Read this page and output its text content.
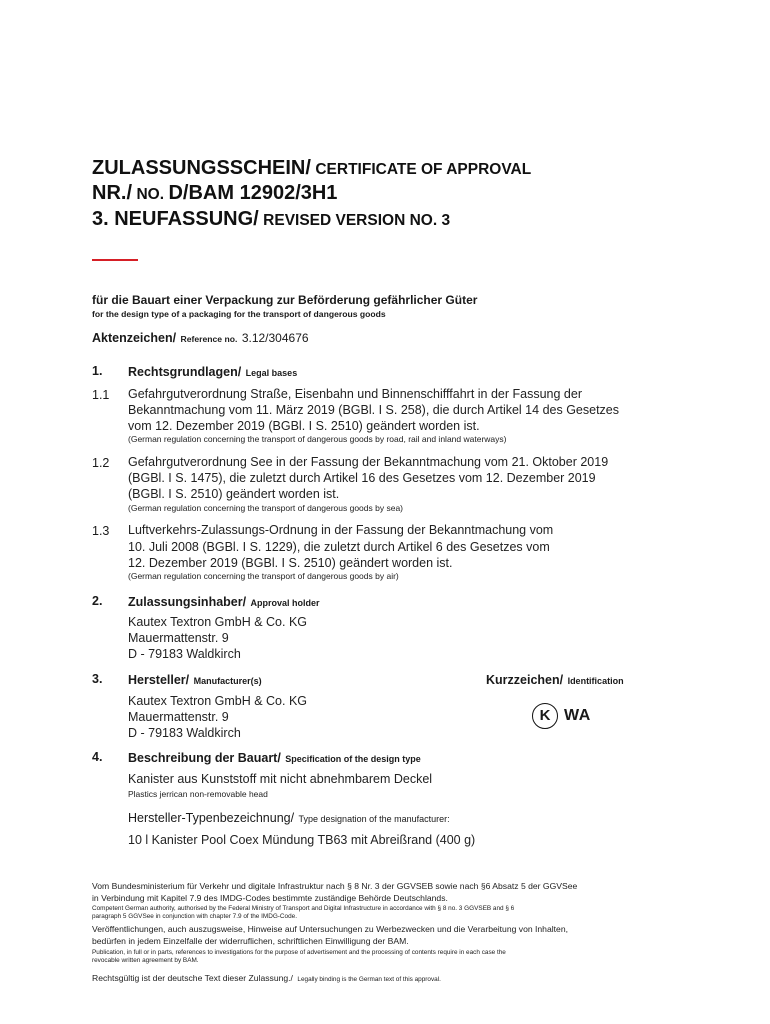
ZULASSUNGSSCHEIN/ CERTIFICATE OF APPROVAL
NR./ NO. D/BAM 12902/3H1
3. NEUFASSUNG/ REVISED VERSION NO. 3
für die Bauart einer Verpackung zur Beförderung gefährlicher Güter
for the design type of a packaging for the transport of dangerous goods
Aktenzeichen/ Reference no. 3.12/304676
1. Rechtsgrundlagen/ Legal bases
1.1 Gefahrgutverordnung Straße, Eisenbahn und Binnenschifffahrt in der Fassung der
Bekanntmachung vom 11. März 2019 (BGBl. I S. 258), die durch Artikel 14 des Gesetzes
vom 12. Dezember 2019 (BGBl. I S. 2510) geändert worden ist.
(German regulation concerning the transport of dangerous goods by road, rail and inland waterways)
1.2 Gefahrgutverordnung See in der Fassung der Bekanntmachung vom 21. Oktober 2019
(BGBl. I S. 1475), die zuletzt durch Artikel 16 des Gesetzes vom 12. Dezember 2019
(BGBl. I S. 2510) geändert worden ist.
(German regulation concerning the transport of dangerous goods by sea)
1.3 Luftverkehrs-Zulassungs-Ordnung in der Fassung der Bekanntmachung vom
10. Juli 2008 (BGBl. I S. 1229), die zuletzt durch Artikel 6 des Gesetzes vom
12. Dezember 2019 (BGBl. I S. 2510) geändert worden ist.
(German regulation concerning the transport of dangerous goods by air)
2. Zulassungsinhaber/ Approval holder
Kautex Textron GmbH & Co. KG
Mauermattenstr. 9
D - 79183 Waldkirch
3. Hersteller/ Manufacturer(s)	Kurzzeichen/ Identification
Kautex Textron GmbH & Co. KG
Mauermattenstr. 9
D - 79183 Waldkirch
K WA
4. Beschreibung der Bauart/ Specification of the design type
Kanister aus Kunststoff mit nicht abnehmbarem Deckel
Plastics jerrican non-removable head
Hersteller-Typenbezeichnung/ Type designation of the manufacturer:
10 l Kanister Pool Coex Mündung TB63 mit Abreißrand (400 g)
Vom Bundesministerium für Verkehr und digitale Infrastruktur nach § 8 Nr. 3 der GGVSEB sowie nach §6 Absatz 5 der GGVSee
in Verbindung mit Kapitel 7.9 des IMDG-Codes bestimmte zuständige Behörde Deutschlands.
Competent German authority, authorised by the Federal Ministry of Transport and Digital Infrastructure in accordance with § 8 no. 3 GGVSEB and § 6
paragraph 5 GGVSee in conjunction with chapter 7.9 of the IMDG-Code.
Veröffentlichungen, auch auszugsweise, Hinweise auf Untersuchungen zu Werbezwecken und die Verarbeitung von Inhalten,
bedürfen in jedem Einzelfalle der widerruflichen, schriftlichen Einwilligung der BAM.
Publication, in full or in parts, references to investigations for the purpose of advertisement and the processing of contents require in each case the
revocable written agreement by BAM.
Rechtsgültig ist der deutsche Text dieser Zulassung./ Legally binding is the German text of this approval.
